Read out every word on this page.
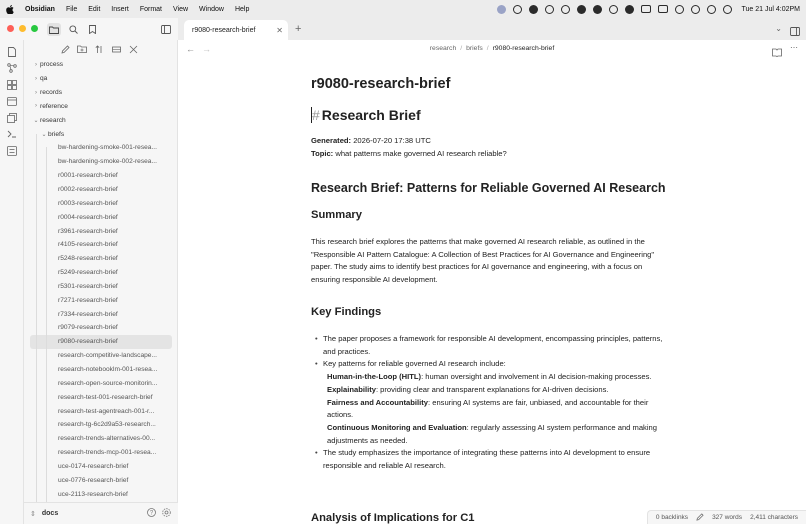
Obsidian File Edit Insert Format View Window Help	Tue 21 Jul 4:02PM
› process
› qa
› records
› reference
⌄ research
⌄ briefs
bw-hardening-smoke-001-resea...
bw-hardening-smoke-002-resea...
r0001-research-brief
r0002-research-brief
r0003-research-brief
r0004-research-brief
r3961-research-brief
r4105-research-brief
r5248-research-brief
r5249-research-brief
r5301-research-brief
r7271-research-brief
r7334-research-brief
r9079-research-brief
r9080-research-brief
research-competitive-landscape...
research-notebooklm-001-resea...
research-open-source-monitorin...
research-test-001-research-brief
research-test-agentreach-001-r...
research-tg-6c2d9a53-research...
research-trends-alternatives-00...
research-trends-mcp-001-resea...
uce-0174-research-brief
uce-0776-research-brief
uce-2113-research-brief
⇕ docs	?
r9080-research-brief	✕ +	⌄
← →	research / briefs / r9080-research-brief	⋯
r9080-research-brief
# Research Brief
Generated: 2026-07-20 17:38 UTC
Topic: what patterns make governed AI research reliable?
Research Brief: Patterns for Reliable Governed AI Research
Summary
This research brief explores the patterns that make governed AI research reliable, as outlined in the "Responsible AI Pattern Catalogue: A Collection of Best Practices for AI Governance and Engineering" paper. The study aims to identify best practices for AI governance and engineering, with a focus on ensuring responsible AI development.
Key Findings
• The paper proposes a framework for responsible AI development, encompassing principles, patterns, and practices.
• Key patterns for reliable governed AI research include:
Human-in-the-Loop (HITL): human oversight and involvement in AI decision-making processes.
Explainability: providing clear and transparent explanations for AI-driven decisions.
Fairness and Accountability: ensuring AI systems are fair, unbiased, and accountable for their actions.
Continuous Monitoring and Evaluation: regularly assessing AI system performance and making adjustments as needed.
• The study emphasizes the importance of integrating these patterns into AI development to ensure responsible and reliable AI research.
Analysis of Implications for C1	0 backlinks	327 words 2,411 characters
